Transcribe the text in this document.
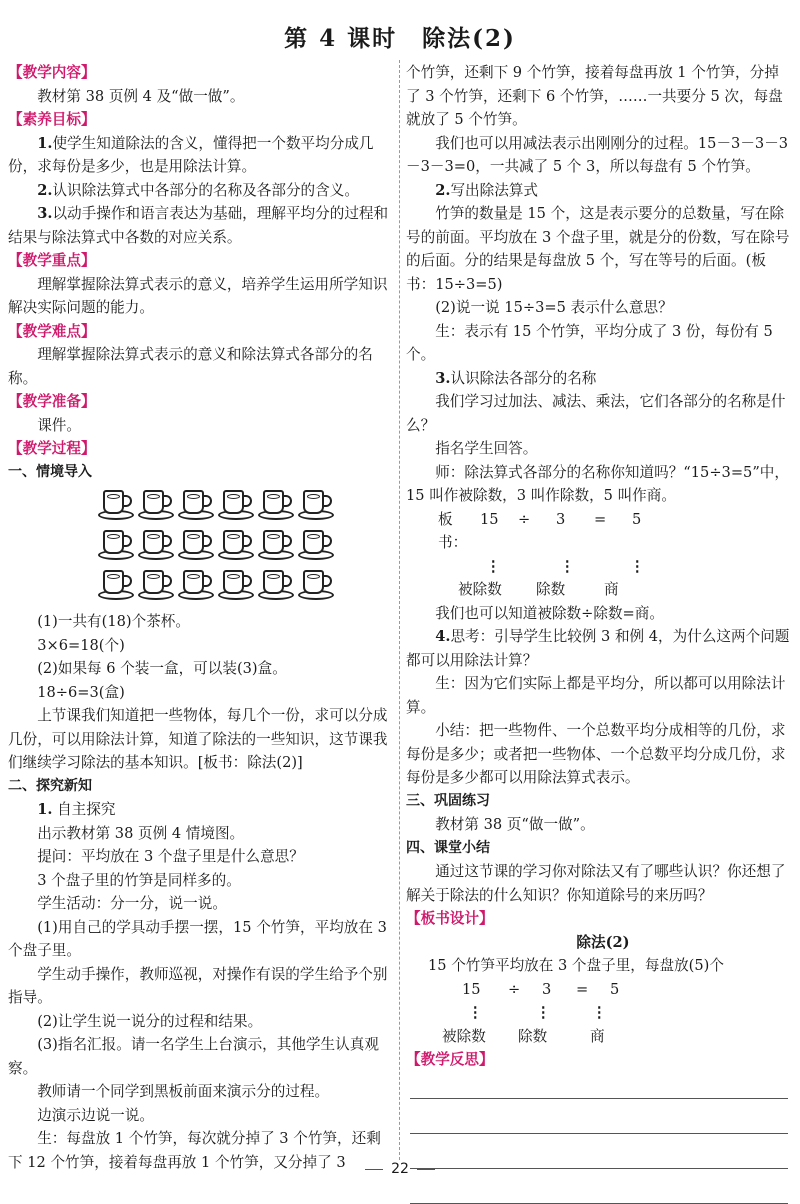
第 4 课时　除法(2)

【教学内容】

教材第 38 页例 4 及“做一做”。

【素养目标】

1.使学生知道除法的含义，懂得把一个数平均分成几份，求每份是多少，也是用除法计算。

2.认识除法算式中各部分的名称及各部分的含义。

3.以动手操作和语言表达为基础，理解平均分的过程和结果与除法算式中各数的对应关系。

【教学重点】

理解掌握除法算式表示的意义，培养学生运用所学知识解决实际问题的能力。

【教学难点】

理解掌握除法算式表示的意义和除法算式各部分的名称。

【教学准备】

课件。

【教学过程】

一、情境导入

(1)一共有(18)个茶杯。

3×6=18(个)

(2)如果每 6 个装一盒，可以装(3)盒。

18÷6=3(盒)

上节课我们知道把一些物体，每几个一份，求可以分成几份，可以用除法计算，知道了除法的一些知识，这节课我们继续学习除法的基本知识。[板书：除法(2)]

二、探究新知

1. 自主探究

出示教材第 38 页例 4 情境图。

提问：平均放在 3 个盘子里是什么意思？

3 个盘子里的竹笋是同样多的。

学生活动：分一分，说一说。

(1)用自己的学具动手摆一摆，15 个竹笋，平均放在 3 个盘子里。

学生动手操作，教师巡视，对操作有误的学生给予个别指导。

(2)让学生说一说分的过程和结果。

(3)指名汇报。请一名学生上台演示，其他学生认真观察。

教师请一个同学到黑板前面来演示分的过程。

边演示边说一说。

生：每盘放 1 个竹笋，每次就分掉了 3 个竹笋，还剩下 12 个竹笋，接着每盘再放 1 个竹笋，又分掉了 3

个竹笋，还剩下 9 个竹笋，接着每盘再放 1 个竹笋，分掉了 3 个竹笋，还剩下 6 个竹笋，……一共要分 5 次，每盘就放了 5 个竹笋。

我们也可以用减法表示出刚刚分的过程。15－3－3－3－3－3=0，一共减了 5 个 3，所以每盘有 5 个竹笋。

2.写出除法算式

竹笋的数量是 15 个，这是表示要分的总数量，写在除号的前面。平均放在 3 个盘子里，就是分的份数，写在除号的后面。分的结果是每盘放 5 个，写在等号的后面。(板书：15÷3=5)

(2)说一说 15÷3=5 表示什么意思？

生：表示有 15 个竹笋，平均分成了 3 份，每份有 5 个。

3.认识除法各部分的名称

我们学习过加法、减法、乘法，它们各部分的名称是什么？

指名学生回答。

师：除法算式各部分的名称你知道吗？“15÷3=5”中，15 叫作被除数，3 叫作除数，5 叫作商。

板书：
15	÷	3	=	5
⋮	⋮	⋮
被除数	除数	商

我们也可以知道被除数÷除数=商。

4.思考：引导学生比较例 3 和例 4，为什么这两个问题都可以用除法计算？

生：因为它们实际上都是平均分，所以都可以用除法计算。

小结：把一些物件、一个总数平均分成相等的几份，求每份是多少；或者把一些物体、一个总数平均分成几份，求每份是多少都可以用除法算式表示。

三、巩固练习

教材第 38 页“做一做”。

四、课堂小结

通过这节课的学习你对除法又有了哪些认识？你还想了解关于除法的什么知识？你知道除号的来历吗？

【板书设计】

除法(2)

15 个竹笋平均放在 3 个盘子里，每盘放(5)个

15	÷	3	=	5
⋮	⋮	⋮
被除数	除数	商

【教学反思】

22
